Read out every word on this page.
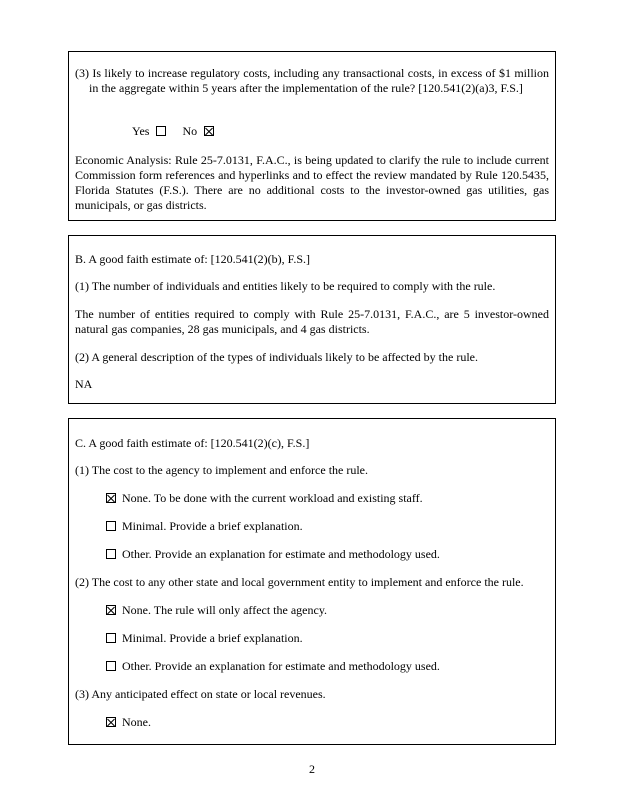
(3) Is likely to increase regulatory costs, including any transactional costs, in excess of $1 million in the aggregate within 5 years after the implementation of the rule? [120.541(2)(a)3, F.S.]
Yes	No
Economic Analysis: Rule 25-7.0131, F.A.C., is being updated to clarify the rule to include current Commission form references and hyperlinks and to effect the review mandated by Rule 120.5435, Florida Statutes (F.S.). There are no additional costs to the investor-owned gas utilities, gas municipals, or gas districts.
B. A good faith estimate of: [120.541(2)(b), F.S.]
(1) The number of individuals and entities likely to be required to comply with the rule.
The number of entities required to comply with Rule 25-7.0131, F.A.C., are 5 investor-owned natural gas companies, 28 gas municipals, and 4 gas districts.
(2) A general description of the types of individuals likely to be affected by the rule.
NA
C. A good faith estimate of: [120.541(2)(c), F.S.]
(1) The cost to the agency to implement and enforce the rule.
None. To be done with the current workload and existing staff.
Minimal. Provide a brief explanation.
Other. Provide an explanation for estimate and methodology used.
(2) The cost to any other state and local government entity to implement and enforce the rule.
None. The rule will only affect the agency.
Minimal. Provide a brief explanation.
Other. Provide an explanation for estimate and methodology used.
(3) Any anticipated effect on state or local revenues.
None.
2
